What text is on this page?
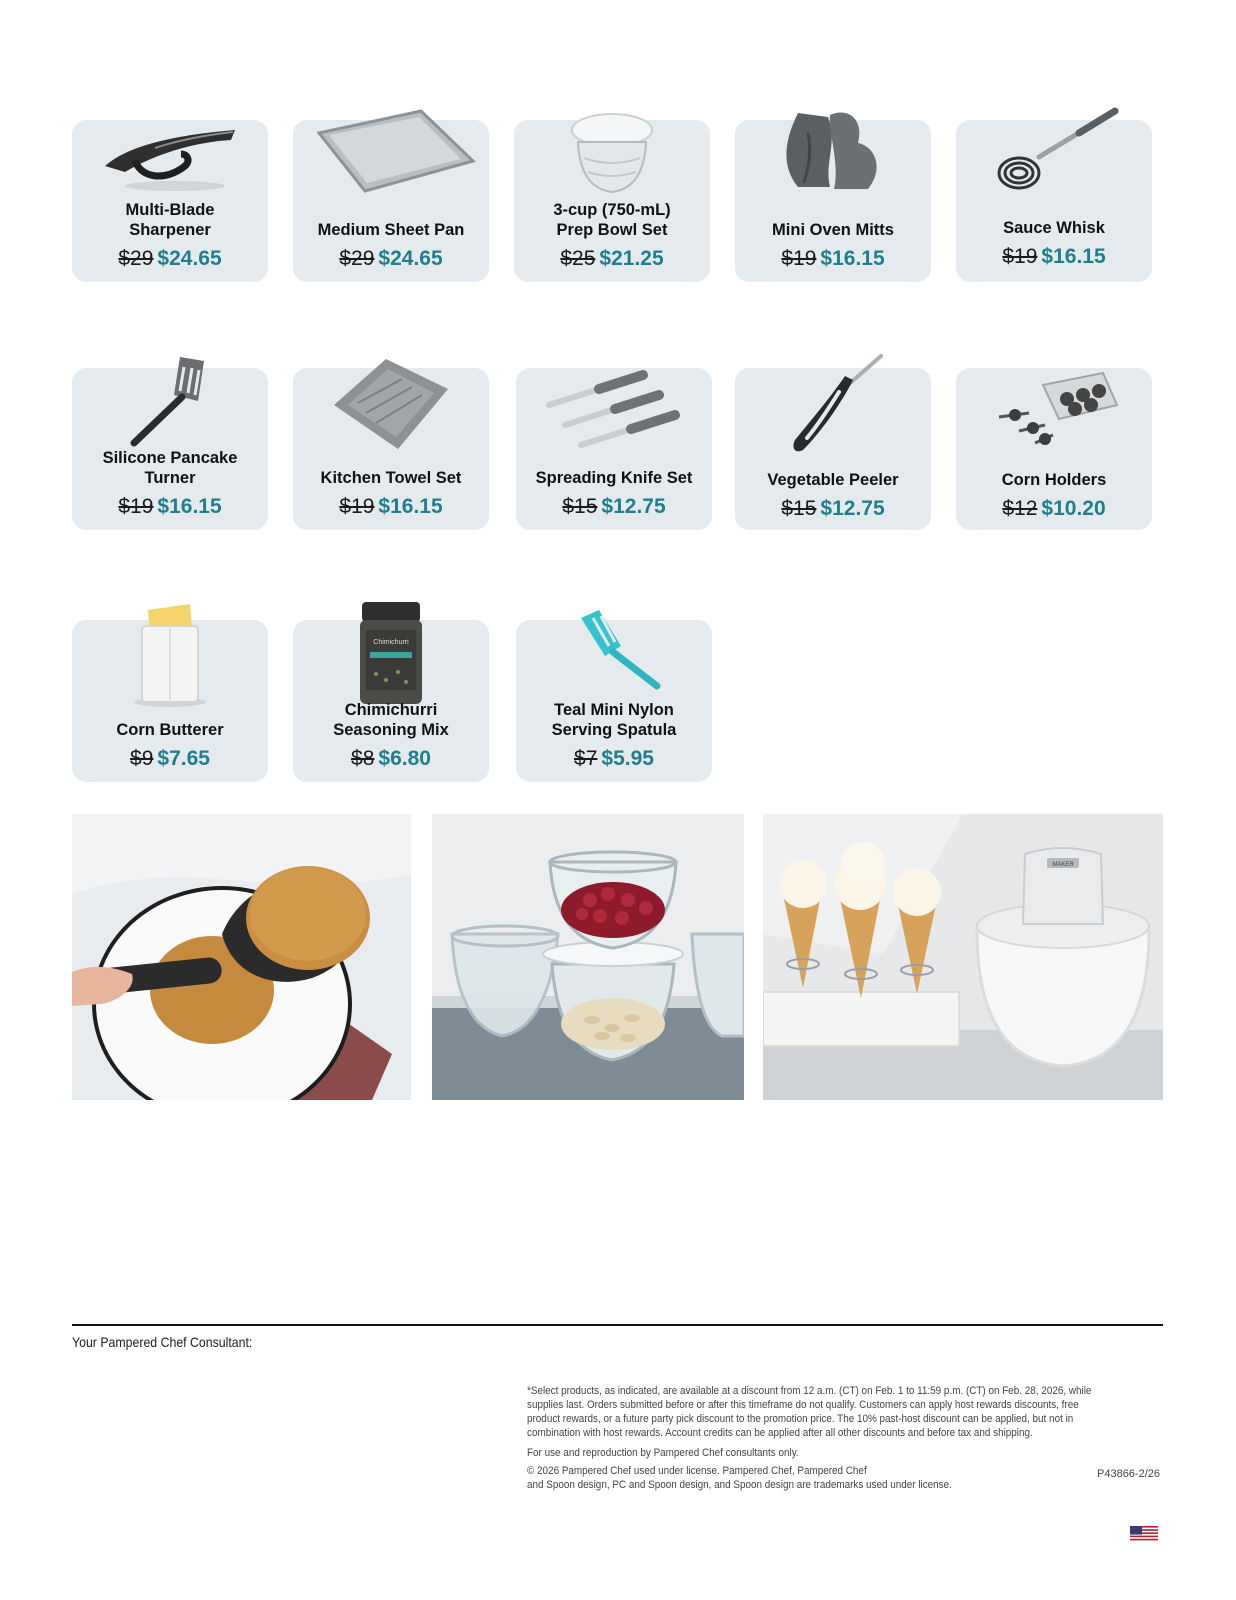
Multi-Blade
Sharpener
$29 $24.65
Medium Sheet Pan
$29 $24.65
3-cup (750-mL)
Prep Bowl Set
$25 $21.25
Mini Oven Mitts
$19 $16.15
Sauce Whisk
$19 $16.15
Silicone Pancake
Turner
$19 $16.15
Kitchen Towel Set
$19 $16.15
Spreading Knife Set
$15 $12.75
Vegetable Peeler
$15 $12.75
Corn Holders
$12 $10.20
Corn Butterer
$9 $7.65
Chimichurri
Chimichurri
Seasoning Mix
$8 $6.80
Teal Mini Nylon
Serving Spatula
$7 $5.95
MAKER
Your Pampered Chef Consultant:

*Select products, as indicated, are available at a discount from 12 a.m. (CT) on Feb. 1 to 11:59 p.m. (CT) on Feb. 28, 2026, while

supplies last. Orders submitted before or after this timeframe do not qualify. Customers can apply host rewards discounts, free

product rewards, or a future party pick discount to the promotion price. The 10% past-host discount can be applied, but not in

combination with host rewards. Account credits can be applied after all other discounts and before tax and shipping.

For use and reproduction by Pampered Chef consultants only.

© 2026 Pampered Chef used under license. Pampered Chef, Pampered Chef

and Spoon design, PC and Spoon design, and Spoon design are trademarks used under license.

P43866-2/26
